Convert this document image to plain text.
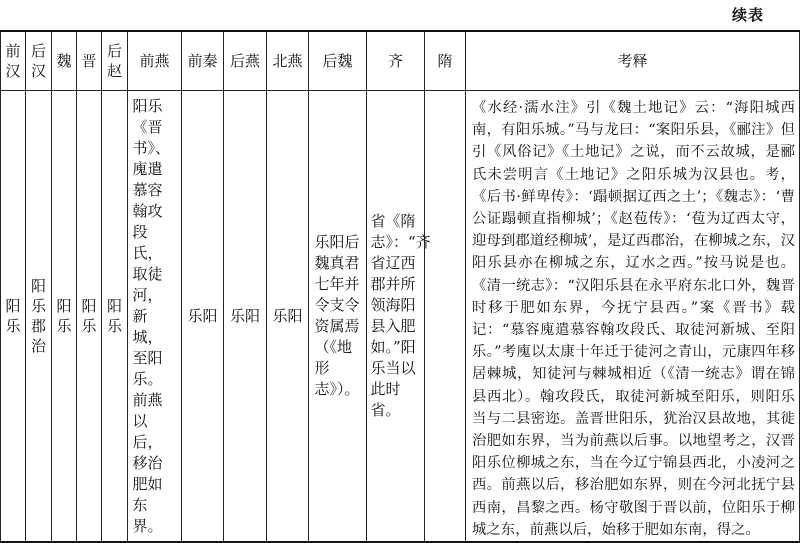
续表
前汉	后汉	魏	晋	后赵	前燕	前秦	后燕	北燕	后魏	齐	隋	考释
阳乐	阳乐 郡治	阳乐	阳乐	阳乐	阳乐《晋书》、廆遣慕容翰攻段氏，取徒河，新城，至阳乐。前燕以后，移治肥如东界。	乐阳	乐阳	乐阳	乐阳后魏真君七年并令支令资属焉（《地形志》）。	省《隋志》：“齐省辽西郡并所领海阳县入肥如。”阳乐当以此时省。		《水经·濡水注》引《魏土地记》云：“海阳城西南，有阳乐城。”马与龙曰：“案阳乐县，《郦注》但引《风俗记》《土地记》之说，而不云故城，是郦氏未尝明言《土地记》之阳乐城为汉县也。考，《后书·鲜卑传》：‘蹋顿据辽西之土’；《魏志》：‘曹公证蹋顿直指柳城’；《赵苞传》：‘苞为辽西太守，迎母到郡道经柳城’，是辽西郡治，在柳城之东，汉阳乐县亦在柳城之东，辽水之西。”按马说是也。《清一统志》：“汉阳乐县在永平府东北口外，魏晋时移于肥如东界，今抚宁县西。”案《晋书》载记：“慕容廆遣慕容翰攻段氏、取徒河新城、至阳乐。”考廆以太康十年迁于徒河之青山，元康四年移居棘城，知徒河与棘城相近（《清一统志》谓在锦县西北）。翰攻段氏，取徒河新城至阳乐，则阳乐当与二县密迩。盖晋世阳乐，犹治汉县故地，其徙治肥如东界，当为前燕以后事。以地望考之，汉晋阳乐位柳城之东，当在今辽宁锦县西北，小凌河之西。前燕以后，移治肥如东界，则在今河北抚宁县西南，昌黎之西。杨守敬图于晋以前，位阳乐于柳城之东，前燕以后，始移于肥如东南，得之。
